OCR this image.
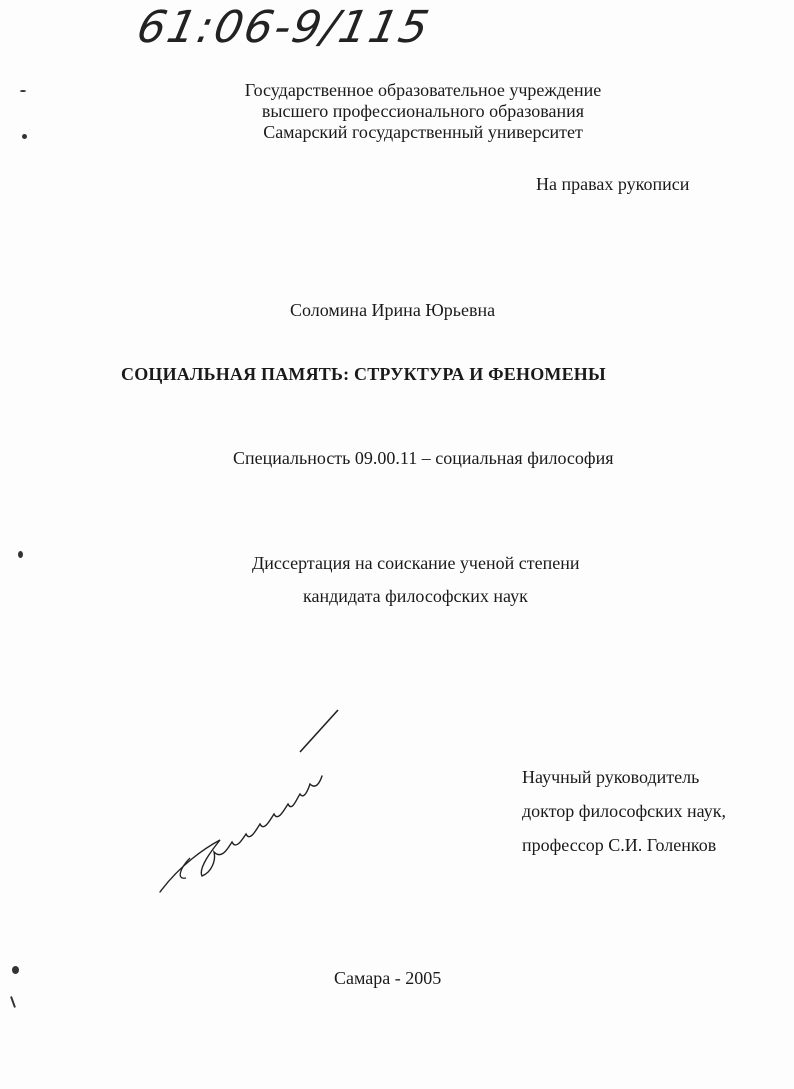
61:06-9/115
Государственное образовательное учреждение
высшего профессионального образования
Самарский государственный университет
На правах рукописи
Соломина Ирина Юрьевна
СОЦИАЛЬНАЯ ПАМЯТЬ: СТРУКТУРА И ФЕНОМЕНЫ
Специальность 09.00.11 – социальная философия
Диссертация на соискание ученой степени
кандидата философских наук
Научный руководитель
доктор философских наук,
профессор С.И. Голенков
Самара - 2005
